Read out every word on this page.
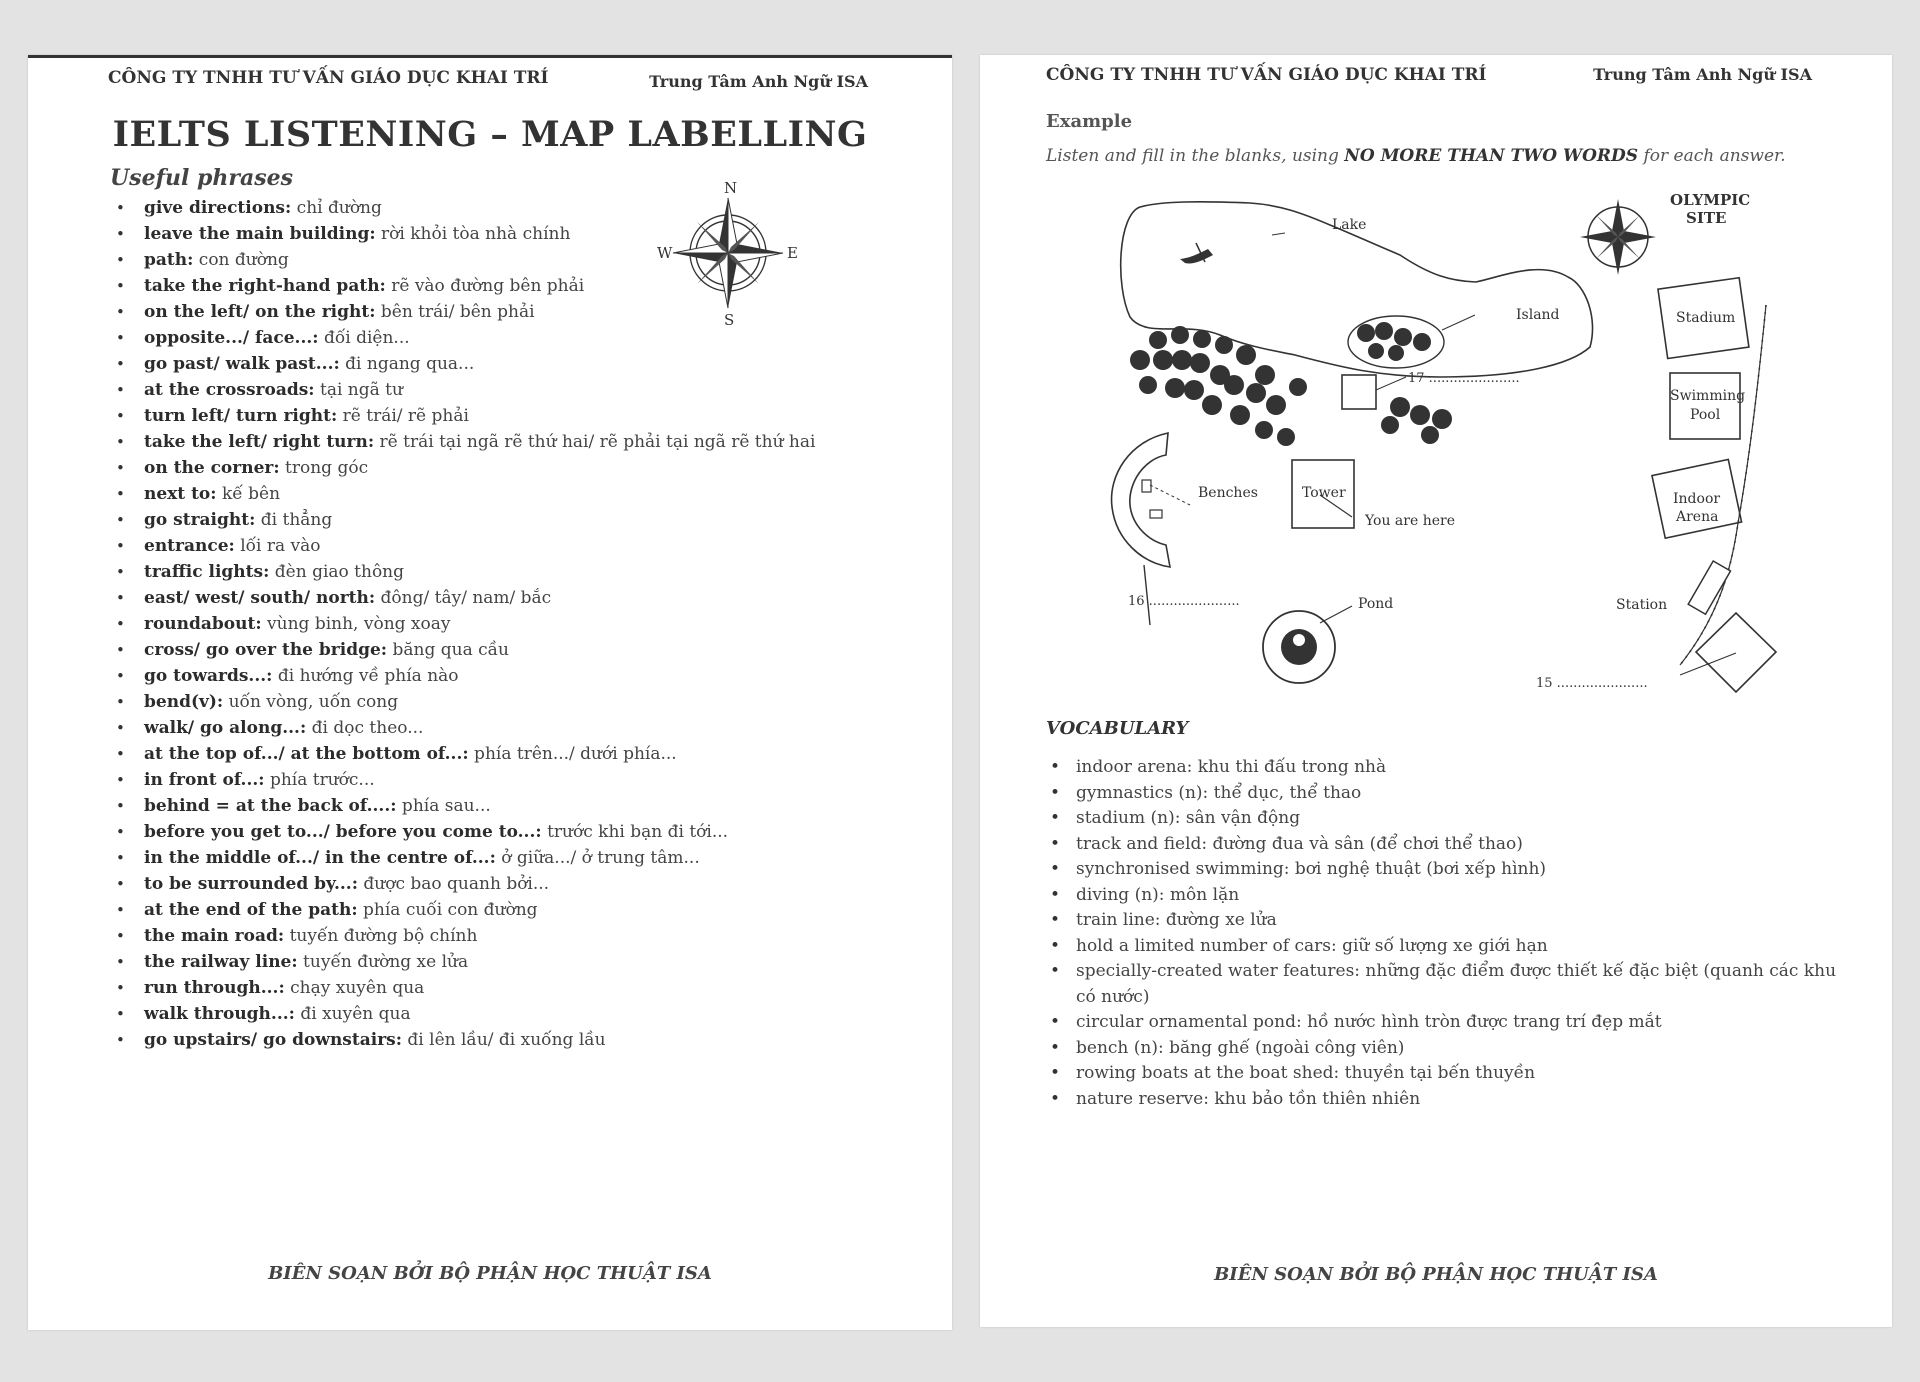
CÔNG TY TNHH TƯ VẤN GIÁO DỤC KHAI TRÍ	Trung Tâm Anh Ngữ ISA
IELTS LISTENING – MAP LABELLING
Useful phrases	N
S
E
W
• give directions: chỉ đường
• leave the main building: rời khỏi tòa nhà chính
• path: con đường
• take the right-hand path: rẽ vào đường bên phải
• on the left/ on the right: bên trái/ bên phải
• opposite.../ face...: đối diện...
• go past/ walk past...: đi ngang qua...
• at the crossroads: tại ngã tư
• turn left/ turn right: rẽ trái/ rẽ phải
• take the left/ right turn: rẽ trái tại ngã rẽ thứ hai/ rẽ phải tại ngã rẽ thứ hai
• on the corner: trong góc
• next to: kế bên
• go straight: đi thẳng
• entrance: lối ra vào
• traffic lights: đèn giao thông
• east/ west/ south/ north: đông/ tây/ nam/ bắc
• roundabout: vùng binh, vòng xoay
• cross/ go over the bridge: băng qua cầu
• go towards...: đi hướng về phía nào
• bend(v): uốn vòng, uốn cong
• walk/ go along...: đi dọc theo...
• at the top of.../ at the bottom of...: phía trên.../ dưới phía...
• in front of...: phía trước...
• behind = at the back of....: phía sau...
• before you get to.../ before you come to...: trước khi bạn đi tới...
• in the middle of.../ in the centre of...: ở giữa.../ ở trung tâm...
• to be surrounded by...: được bao quanh bởi...
• at the end of the path: phía cuối con đường
• the main road: tuyến đường bộ chính
• the railway line: tuyến đường xe lửa
• run through...: chạy xuyên qua
• walk through...: đi xuyên qua
• go upstairs/ go downstairs: đi lên lầu/ đi xuống lầu
BIÊN SOẠN BỞI BỘ PHẬN HỌC THUẬT ISA
CÔNG TY TNHH TƯ VẤN GIÁO DỤC KHAI TRÍ	Trung Tâm Anh Ngữ ISA
Example
Listen and fill in the blanks, using NO MORE THAN TWO WORDS for each answer.
OLYMPIC
SITE
Stadium
Swimming
Pool
Indoor
Arena
Station
15 ......................
Benches
16 ......................
Tower
You are here
17 ......................
Pond
Lake
Island
VOCABULARY
• indoor arena: khu thi đấu trong nhà
• gymnastics (n): thể dục, thể thao
• stadium (n): sân vận động
• track and field: đường đua và sân (để chơi thể thao)
• synchronised swimming: bơi nghệ thuật (bơi xếp hình)
• diving (n): môn lặn
• train line: đường xe lửa
• hold a limited number of cars: giữ số lượng xe giới hạn
• specially-created water features: những đặc điểm được thiết kế đặc biệt (quanh các khu có nước)
• circular ornamental pond: hồ nước hình tròn được trang trí đẹp mắt
• bench (n): băng ghế (ngoài công viên)
• rowing boats at the boat shed: thuyền tại bến thuyền
• nature reserve: khu bảo tồn thiên nhiên
BIÊN SOẠN BỞI BỘ PHẬN HỌC THUẬT ISA
